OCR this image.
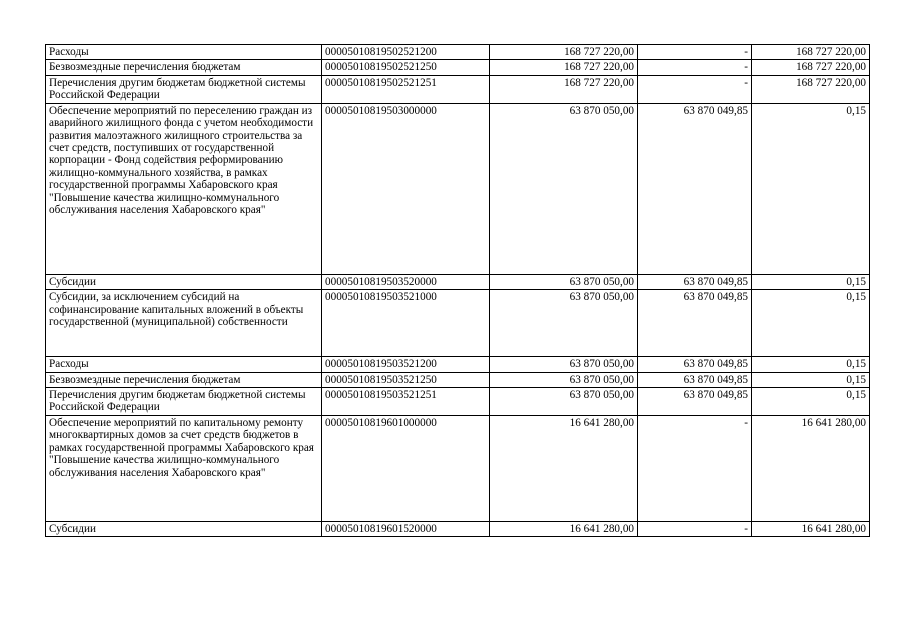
Расходы	00005010819502521200	168 727 220,00	-	168 727 220,00
Безвозмездные перечисления бюджетам	00005010819502521250	168 727 220,00	-	168 727 220,00
Перечисления другим бюджетам бюджетной системы Российской Федерации	00005010819502521251	168 727 220,00	-	168 727 220,00
Обеспечение мероприятий по переселению граждан из аварийного жилищного фонда с учетом необходимости развития малоэтажного жилищного строительства за счет средств, поступивших от государственной корпорации - Фонд содействия реформированию жилищно-коммунального хозяйства, в рамках государственной программы Хабаровского края "Повышение качества жилищно-коммунального обслуживания населения Хабаровского края"	00005010819503000000	63 870 050,00	63 870 049,85	0,15
Субсидии	00005010819503520000	63 870 050,00	63 870 049,85	0,15
Субсидии, за исключением субсидий на софинансирование капитальных вложений в объекты государственной (муниципальной) собственности	00005010819503521000	63 870 050,00	63 870 049,85	0,15
Расходы	00005010819503521200	63 870 050,00	63 870 049,85	0,15
Безвозмездные перечисления бюджетам	00005010819503521250	63 870 050,00	63 870 049,85	0,15
Перечисления другим бюджетам бюджетной системы Российской Федерации	00005010819503521251	63 870 050,00	63 870 049,85	0,15
Обеспечение мероприятий по капитальному ремонту многоквартирных домов за счет средств бюджетов в рамках государственной программы Хабаровского края "Повышение качества жилищно-коммунального обслуживания населения Хабаровского края"	00005010819601000000	16 641 280,00	-	16 641 280,00
Субсидии	00005010819601520000	16 641 280,00	-	16 641 280,00
